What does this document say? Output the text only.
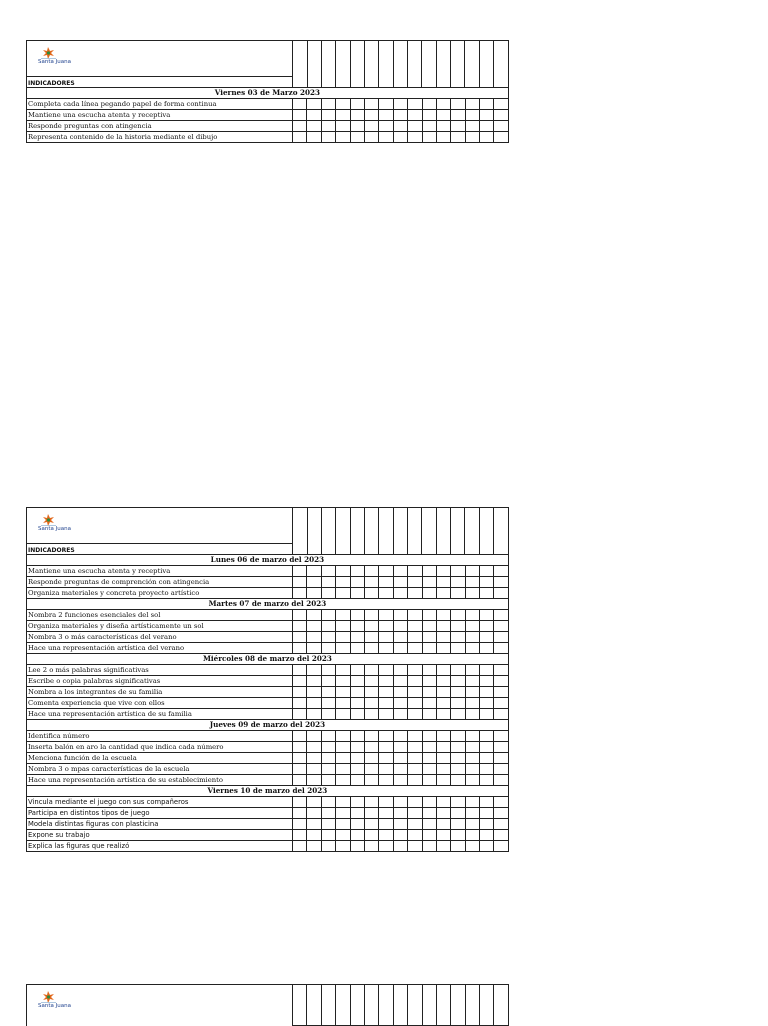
Santa Juana

INDICADORES
Viernes 03 de Marzo 2023
Completa cada línea pegando papel de forma continua															
Mantiene una escucha atenta y receptiva															
Responde preguntas con atingencia															
Representa contenido de la historia mediante el dibujo															
Santa Juana

INDICADORES
Lunes 06 de marzo del 2023
Mantiene una escucha atenta y receptiva															
Responde preguntas de comprención con atingencia															
Organiza materiales y concreta proyecto artístico															
Martes 07 de marzo del 2023
Nombra 2 funciones esenciales del sol															
Organiza materiales y diseña artísticamente un sol															
Nombra 3 o más características del verano															
Hace una representación artística del verano															
Miércoles 08 de marzo del 2023
Lee 2 o más palabras significativas															
Escribe o copia palabras significativas															
Nombra a los integrantes de su familia															
Comenta experiencia que vive con ellos															
Hace una representación artística de su familia															
Jueves 09 de marzo del 2023
Identifica número															
Inserta balón en aro la cantidad que indica cada número															
Menciona función de la escuela															
Nombra 3 o mpas características de la escuela															
Hace una representación artística de su establecimiento															
Viernes 10 de marzo del 2023
Vincula mediante el juego con sus compañeros															
Participa en distintos tipos de juego															
Modela distintas figuras con plasticina															
Expone su trabajo															
Explica las figuras que realizó															
Santa Juana
